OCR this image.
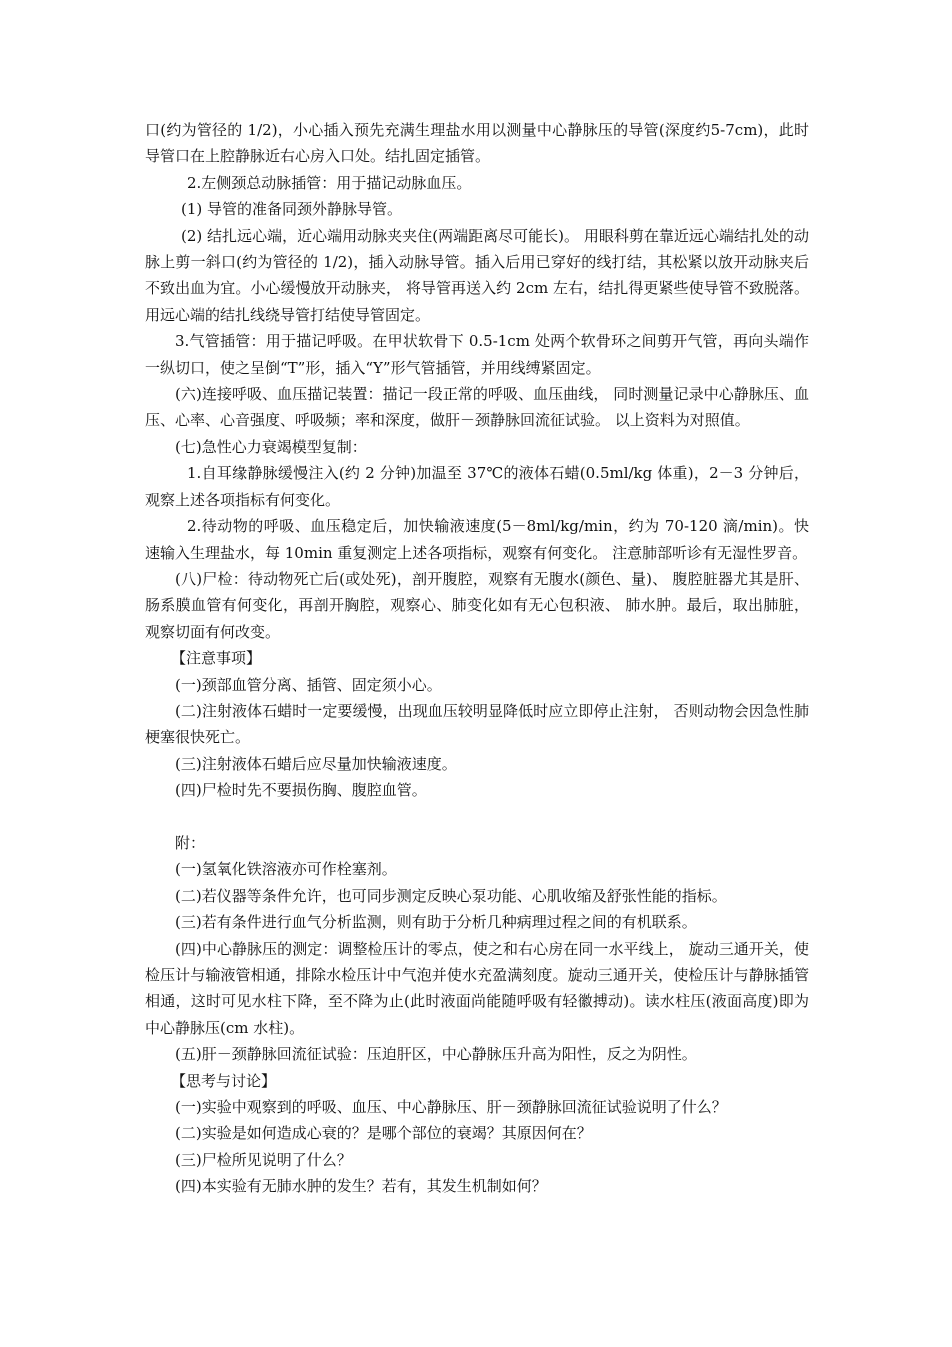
口(约为管径的 1/2)，小心插入预先充满生理盐水用以测量中心静脉压的导管(深度约5-7cm)，此时导管口在上腔静脉近右心房入口处。结扎固定插管。

2.左侧颈总动脉插管：用于描记动脉血压。

(1) 导管的准备同颈外静脉导管。

(2) 结扎远心端，近心端用动脉夹夹住(两端距离尽可能长)。 用眼科剪在靠近远心端结扎处的动脉上剪一斜口(约为管径的 1/2)，插入动脉导管。插入后用已穿好的线打结，其松紧以放开动脉夹后不致出血为宜。小心缓慢放开动脉夹， 将导管再送入约 2cm 左右，结扎得更紧些使导管不致脱落。 用远心端的结扎线绕导管打结使导管固定。

3.气管插管：用于描记呼吸。在甲状软骨下 0.5-1cm 处两个软骨环之间剪开气管，再向头端作一纵切口，使之呈倒“T”形，插入“Y”形气管插管，并用线缚紧固定。

(六)连接呼吸、血压描记装置：描记一段正常的呼吸、血压曲线， 同时测量记录中心静脉压、血压、心率、心音强度、呼吸频；率和深度，做肝－颈静脉回流征试验。 以上资料为对照值。

(七)急性心力衰竭模型复制：

1.自耳缘静脉缓慢注入(约 2 分钟)加温至 37℃的液体石蜡(0.5ml/kg 体重)，2－3 分钟后，观察上述各项指标有何变化。

2.待动物的呼吸、血压稳定后，加快输液速度(5－8ml/kg/min，约为 70-120 滴/min)。快速输入生理盐水，每 10min 重复测定上述各项指标，观察有何变化。 注意肺部听诊有无湿性罗音。

(八)尸检：待动物死亡后(或处死)，剖开腹腔，观察有无腹水(颜色、量)、 腹腔脏器尤其是肝、肠系膜血管有何变化，再剖开胸腔，观察心、肺变化如有无心包积液、 肺水肿。最后，取出肺脏，观察切面有何改变。

【注意事项】

(一)颈部血管分离、插管、固定须小心。

(二)注射液体石蜡时一定要缓慢，出现血压较明显降低时应立即停止注射， 否则动物会因急性肺梗塞很快死亡。

(三)注射液体石蜡后应尽量加快输液速度。

(四)尸检时先不要损伤胸、腹腔血管。

附：

(一)氢氧化铁溶液亦可作栓塞剂。

(二)若仪器等条件允许，也可同步测定反映心泵功能、心肌收缩及舒张性能的指标。

(三)若有条件进行血气分析监测，则有助于分析几种病理过程之间的有机联系。

(四)中心静脉压的测定：调整检压计的零点，使之和右心房在同一水平线上， 旋动三通开关，使检压计与输液管相通，排除水检压计中气泡并使水充盈满刻度。旋动三通开关，使检压计与静脉插管相通，这时可见水柱下降，至不降为止(此时液面尚能随呼吸有轻徽搏动)。读水柱压(液面高度)即为中心静脉压(cm 水柱)。

(五)肝－颈静脉回流征试验：压迫肝区，中心静脉压升高为阳性，反之为阴性。

【思考与讨论】

(一)实验中观察到的呼吸、血压、中心静脉压、肝－颈静脉回流征试验说明了什么？

(二)实验是如何造成心衰的？是哪个部位的衰竭？其原因何在？

(三)尸检所见说明了什么？

(四)本实验有无肺水肿的发生？若有，其发生机制如何？
